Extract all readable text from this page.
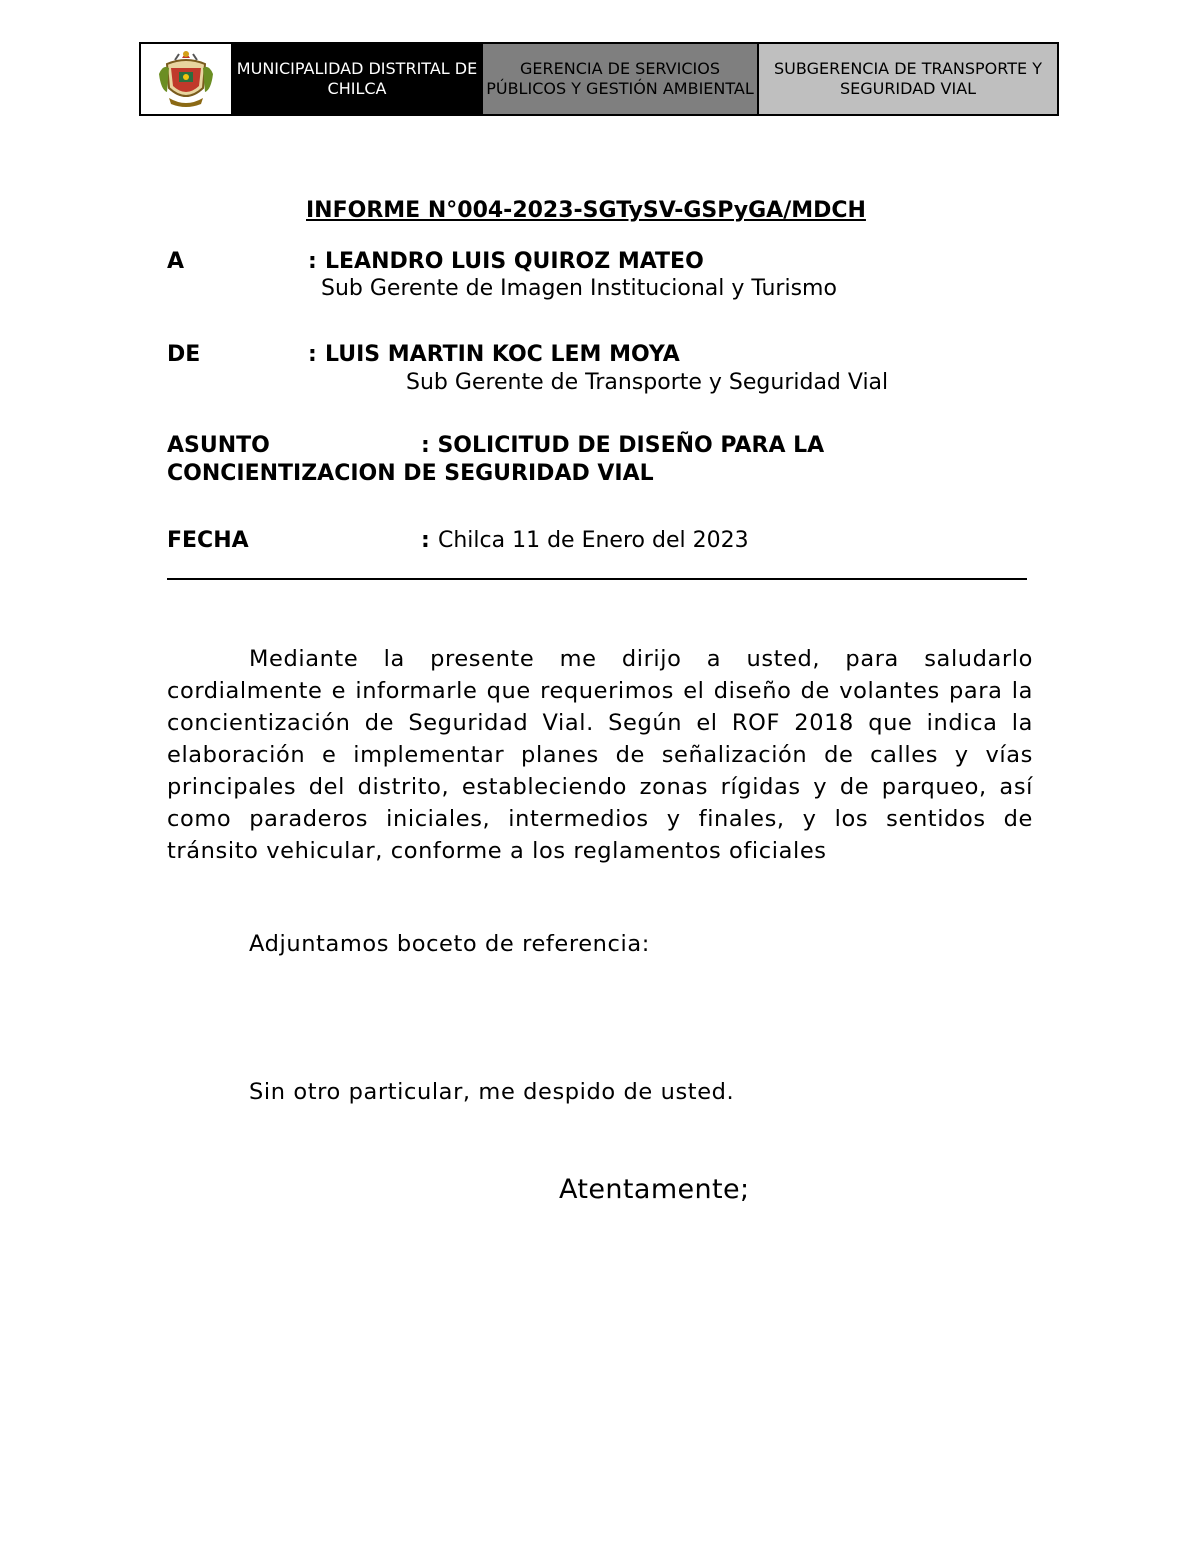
MUNICIPALIDAD DISTRITAL DE CHILCA
GERENCIA DE SERVICIOS PÚBLICOS Y GESTIÓN AMBIENTAL
SUBGERENCIA DE TRANSPORTE Y SEGURIDAD VIAL
INFORME N°004-2023-SGTySV-GSPyGA/MDCH
A	: LEANDRO LUIS QUIROZ MATEO
Sub Gerente de Imagen Institucional y Turismo
DE	: LUIS MARTIN KOC LEM MOYA
Sub Gerente de Transporte y Seguridad Vial
ASUNTO	: SOLICITUD DE DISEÑO PARA LA
CONCIENTIZACION DE SEGURIDAD VIAL
FECHA	: Chilca 11 de Enero del 2023
Mediante la presente me dirijo a usted, para saludarlo cordialmente e informarle que requerimos el diseño de volantes para la concientización de Seguridad Vial. Según el ROF 2018 que indica la elaboración e implementar planes de señalización de calles y vías principales del distrito, estableciendo zonas rígidas y de parqueo, así como paraderos iniciales, intermedios y finales, y los sentidos de tránsito vehicular, conforme a los reglamentos oficiales
Adjuntamos boceto de referencia:
Sin otro particular, me despido de usted.
Atentamente;
